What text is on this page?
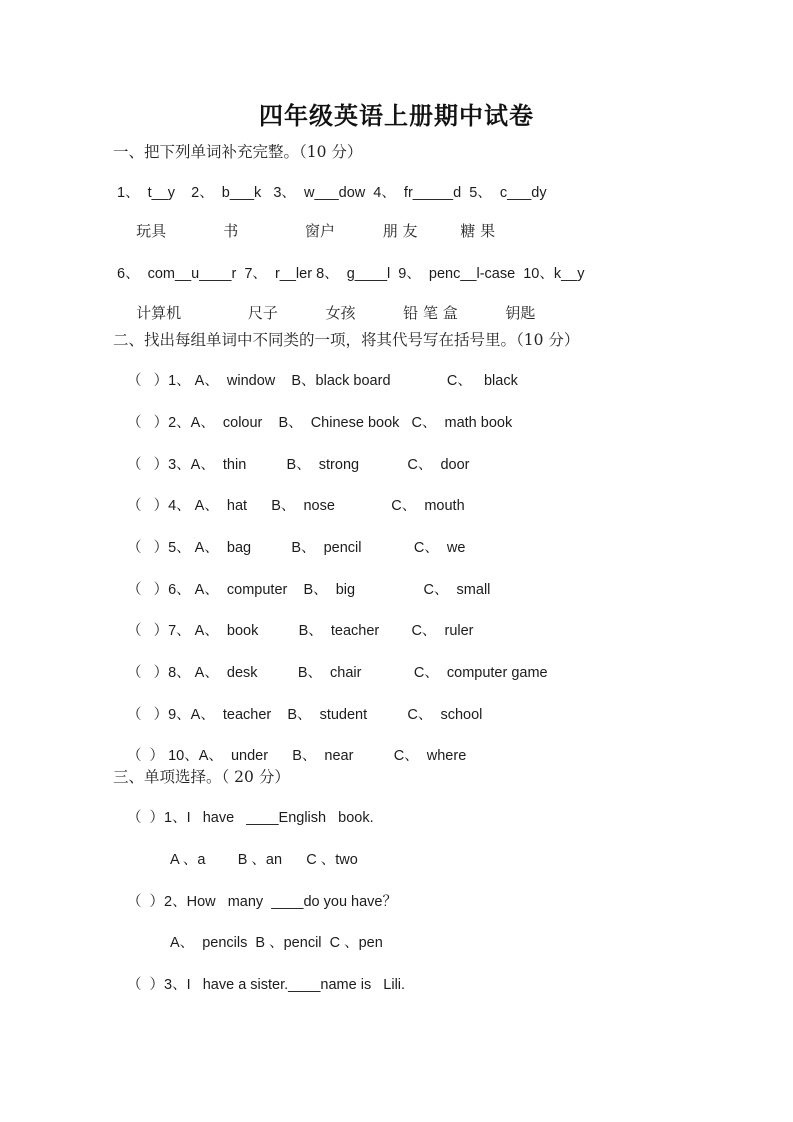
四年级英语上册期中试卷
一、把下列单词补充完整。（10 分）
1、  t__y    2、  b___k   3、  w___dow  4、  fr_____d  5、  c___dy
玩具            书              窗户          朋 友         糖 果
6、  com__u____r  7、  r__ler 8、  g____l  9、  penc__l-case  10、k__y
计算机              尺子          女孩          铅 笔 盒          钥匙
二、找出每组单词中不同类的一项，将其代号写在括号里。（10 分）
（   ）1、 A、  window    B、black board              C、   black
（   ）2、A、  colour    B、  Chinese book   C、  math book
（   ）3、A、  thin          B、  strong            C、  door
（   ）4、 A、  hat      B、  nose              C、  mouth
（   ）5、 A、  bag          B、  pencil             C、  we
（   ）6、 A、  computer    B、  big                 C、  small
（   ）7、 A、  book          B、  teacher        C、  ruler
（   ）8、 A、  desk          B、  chair             C、  computer game
（   ）9、A、  teacher    B、  student          C、  school
（  ） 10、A、  under      B、  near          C、  where
三、单项选择。（ 20 分）
（  ）1、I   have   ____English   book.
A 、a        B 、an      C 、two
（  ）2、How   many  ____do you have？
A、  pencils  B 、pencil  C 、pen
（  ）3、I   have a sister.____name is   Lili.
